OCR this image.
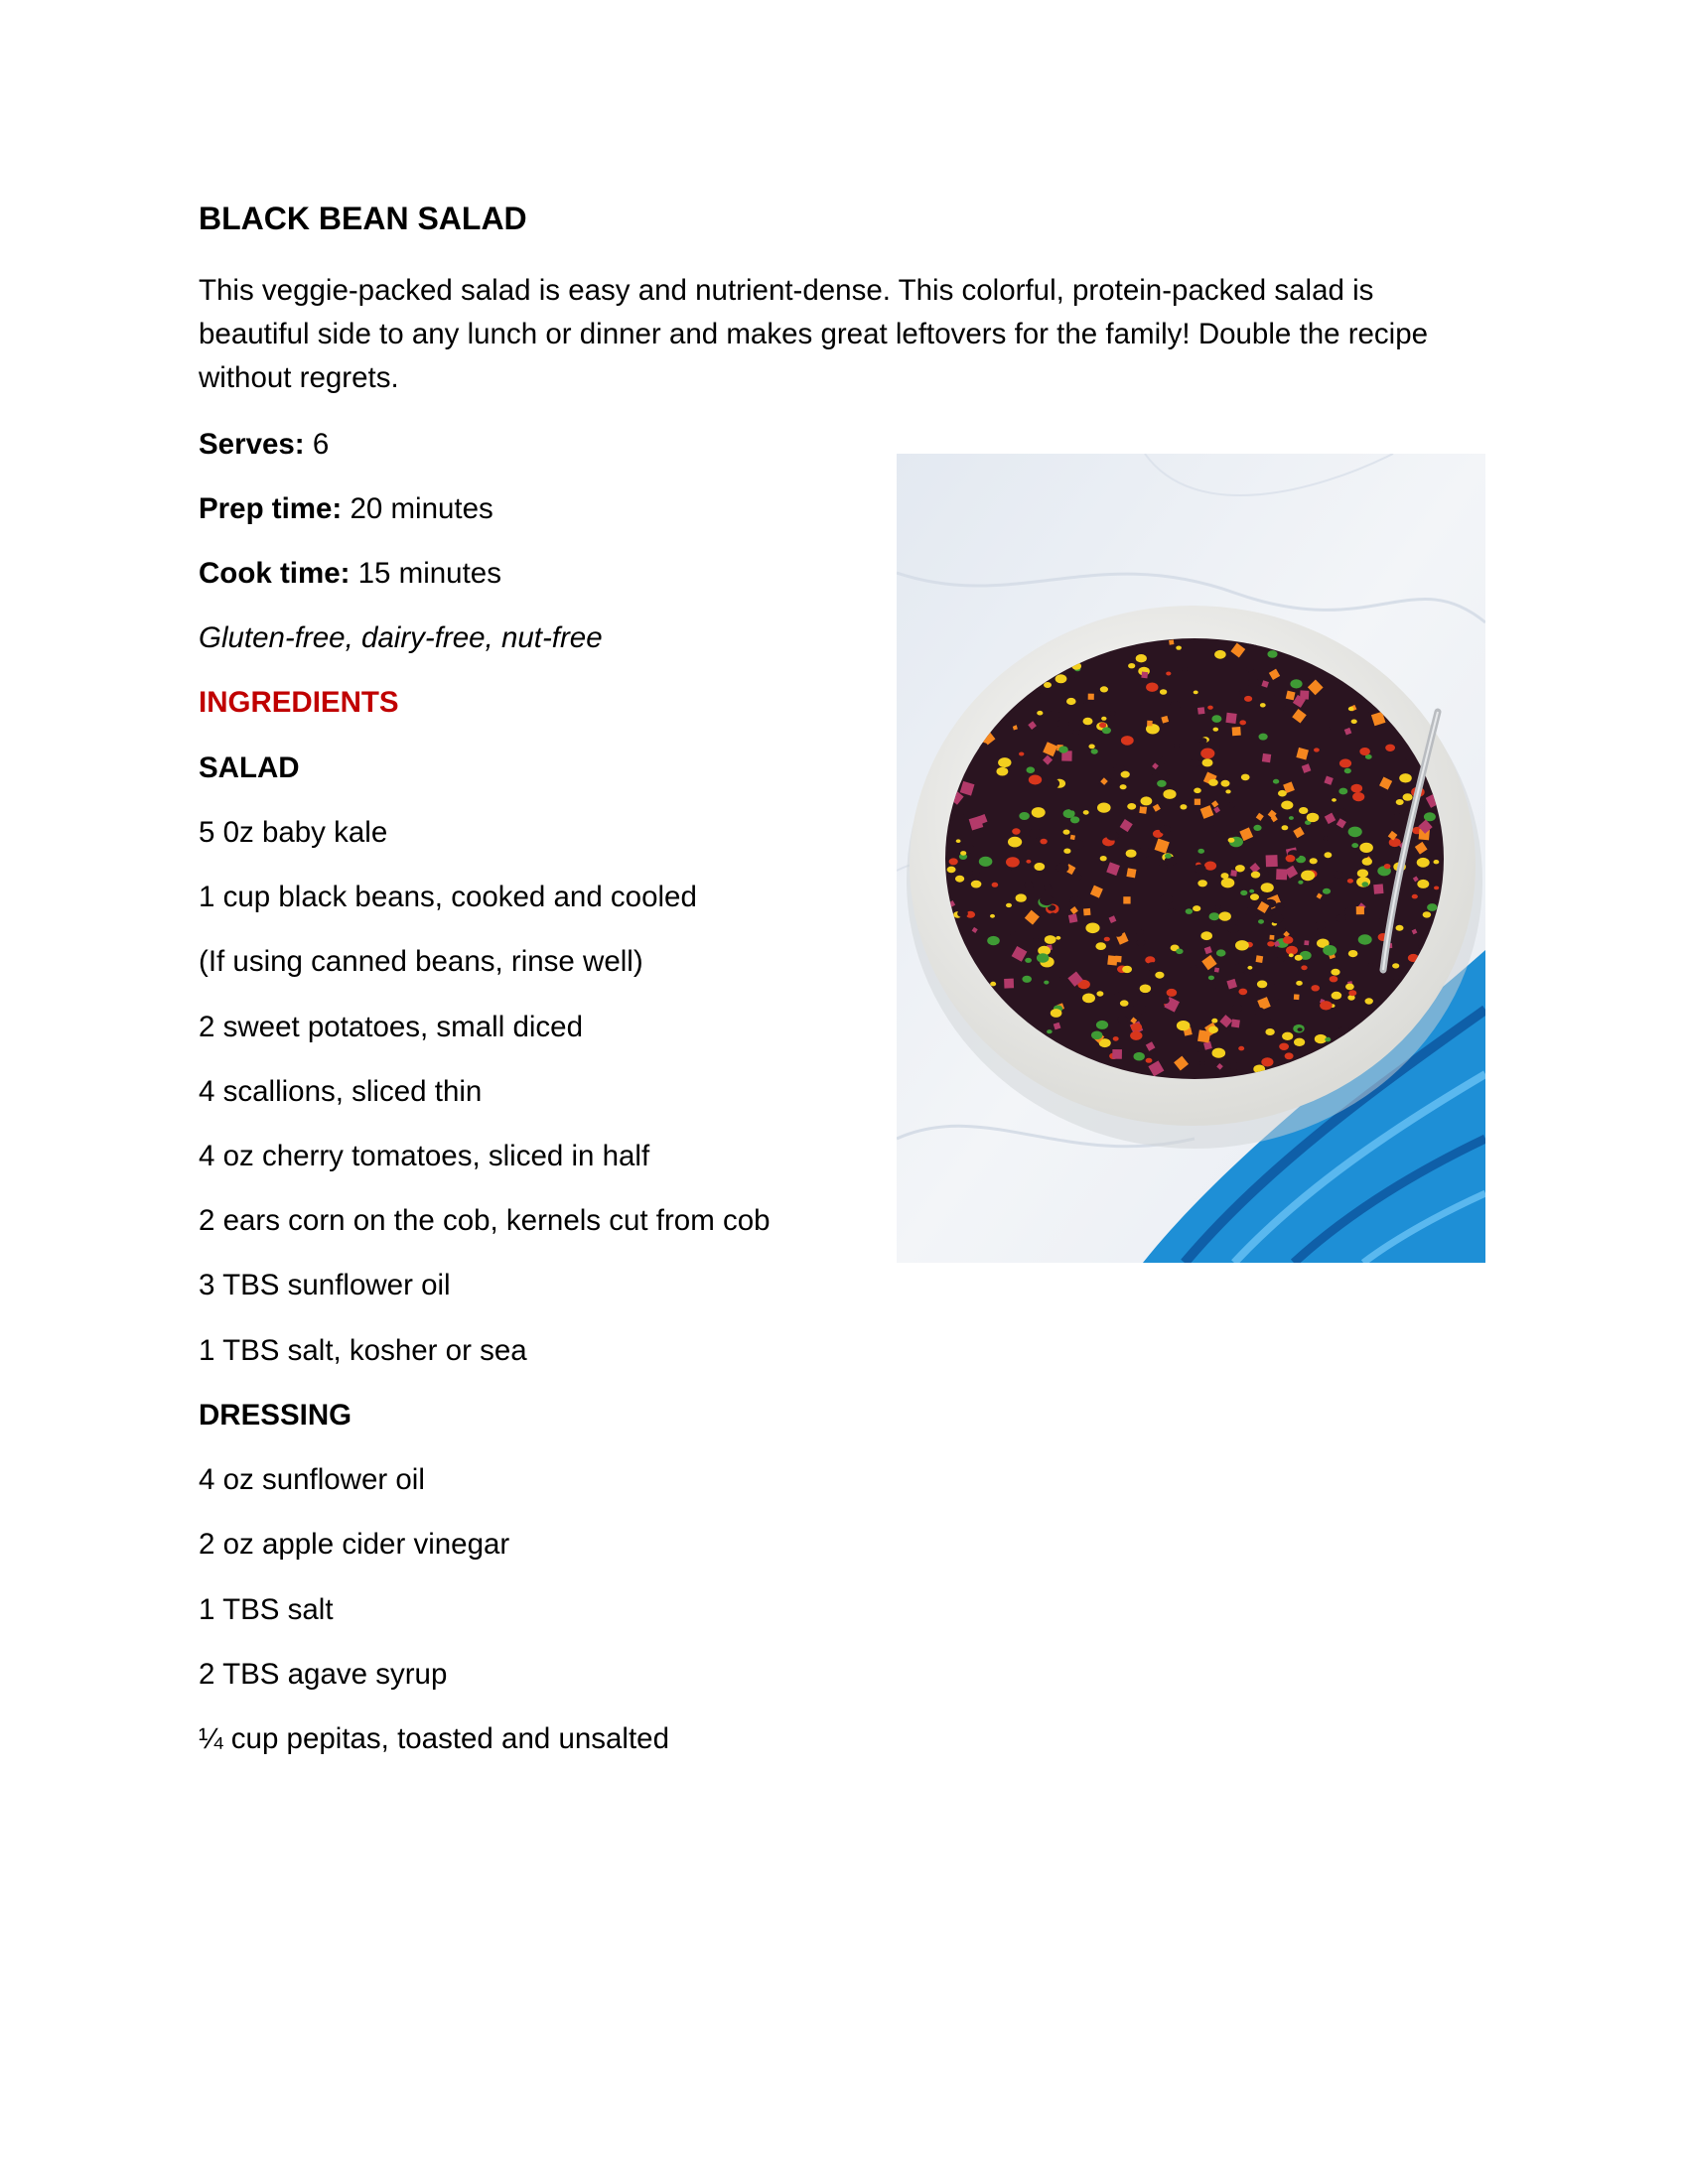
BLACK BEAN SALAD

This veggie-packed salad is easy and nutrient-dense. This colorful, protein-packed salad is beautiful side to any lunch or dinner and makes great leftovers for the family! Double the recipe without regrets.

Serves: 6

Prep time: 20 minutes

Cook time: 15 minutes

Gluten-free, dairy-free, nut-free

INGREDIENTS

SALAD

5 0z baby kale

1 cup black beans, cooked and cooled

(If using canned beans, rinse well)

2 sweet potatoes, small diced

4 scallions, sliced thin

4 oz cherry tomatoes, sliced in half

2 ears corn on the cob, kernels cut from cob

3 TBS sunflower oil

1 TBS salt, kosher or sea

DRESSING

4 oz sunflower oil

2 oz apple cider vinegar

1 TBS salt

2 TBS agave syrup

¼ cup pepitas, toasted and unsalted
